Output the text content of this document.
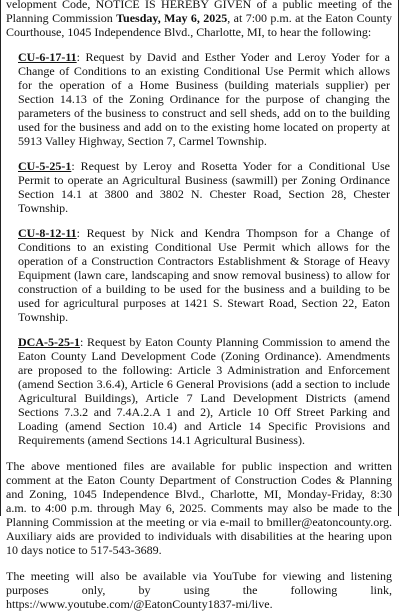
velopment Code, NOTICE IS HEREBY GIVEN of a public meeting of the Planning Commission Tuesday, May 6, 2025, at 7:00 p.m. at the Eaton County Courthouse, 1045 Independence Blvd., Charlotte, MI, to hear the following:

CU-6-17-11: Request by David and Esther Yoder and Leroy Yoder for a Change of Conditions to an existing Conditional Use Permit which allows for the operation of a Home Business (building materials supplier) per Section 14.13 of the Zoning Ordinance for the purpose of changing the parameters of the business to construct and sell sheds, add on to the building used for the business and add on to the existing home located on property at 5913 Valley Highway, Section 7, Carmel Township.

CU-5-25-1: Request by Leroy and Rosetta Yoder for a Conditional Use Permit to operate an Agricultural Business (sawmill) per Zoning Ordinance Section 14.1 at 3800 and 3802 N. Chester Road, Section 28, Chester Township.

CU-8-12-11: Request by Nick and Kendra Thompson for a Change of Conditions to an existing Conditional Use Permit which allows for the operation of a Construction Contractors Establishment & Storage of Heavy Equipment (lawn care, landscaping and snow removal business) to allow for construction of a building to be used for the business and a building to be used for agricultural purposes at 1421 S. Stewart Road, Section 22, Eaton Township.

DCA-5-25-1: Request by Eaton County Planning Commission to amend the Eaton County Land Development Code (Zoning Ordinance). Amendments are proposed to the following: Article 3 Administration and Enforcement (amend Section 3.6.4), Article 6 General Provisions (add a section to include Agricultural Buildings), Article 7 Land Development Districts (amend Sections 7.3.2 and 7.4A.2.A 1 and 2), Article 10 Off Street Parking and Loading (amend Section 10.4) and Article 14 Specific Provisions and Requirements (amend Sections 14.1 Agricultural Business).

The above mentioned files are available for public inspection and written comment at the Eaton County Department of Construction Codes & Planning and Zoning, 1045 Independence Blvd., Charlotte, MI, Monday-Friday, 8:30 a.m. to 4:00 p.m. through May 6, 2025. Comments may also be made to the Planning Commission at the meeting or via e-mail to bmiller@eatoncounty.org. Auxiliary aids are provided to individuals with disabilities at the hearing upon 10 days notice to 517-543-3689.

The meeting will also be available via YouTube for viewing and listening purposes only, by using the following link, https://www.youtube.com/@EatonCounty1837-mi/live.
